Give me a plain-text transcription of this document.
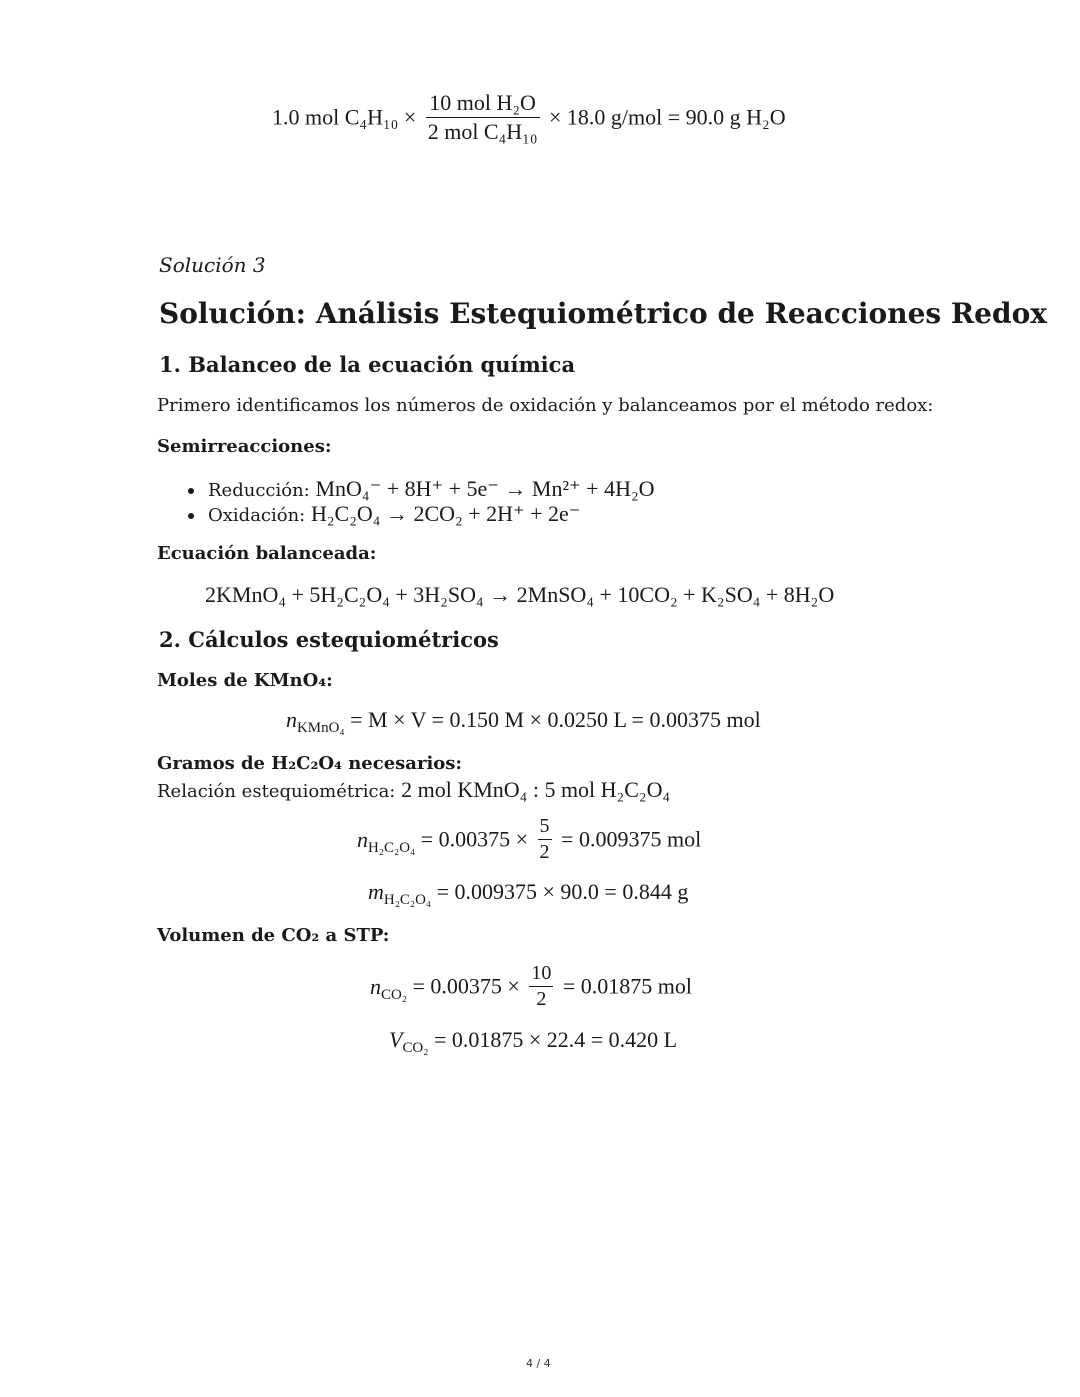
1.0 mol $C_4H_{10} \times \frac{\text{10 mol H₂O}}{\text{2 mol C₄H₁₀}} \times 18.0$ g/mol = 90.0 g H₂O
Solución 3
Solución: Análisis Estequiométrico de Reacciones Redox
1. Balanceo de la ecuación química
Primero identificamos los números de oxidación y balanceamos por el método redox:
Semirreacciones:
Reducción: MnO₄⁻ + 8H⁺ + 5e⁻ → Mn²⁺ + 4H₂O
Oxidación: H₂C₂O₄ → 2CO₂ + 2H⁺ + 2e⁻
Ecuación balanceada:
2KMnO₄ + 5H₂C₂O₄ + 3H₂SO₄ → 2MnSO₄ + 10CO₂ + K₂SO₄ + 8H₂O
2. Cálculos estequiométricos
Moles de KMnO₄:
$n_{KMnO_4} = M \times V = 0.150$ M × 0.0250 L = 0.00375 mol
Gramos de H₂C₂O₄ necesarios:
Relación estequiométrica: 2 mol KMnO₄ : 5 mol H₂C₂O₄
$n_{H_2C_2O_4} = 0.00375 \times \frac{5}{2} = 0.009375$ mol
$m_{H_2C_2O_4} = 0.009375 \times 90.0 = 0.844$ g
Volumen de CO₂ a STP:
$n_{CO_2} = 0.00375 \times \frac{10}{2} = 0.01875$ mol
$V_{CO_2} = 0.01875 \times 22.4 = 0.420$ L
4 / 4
